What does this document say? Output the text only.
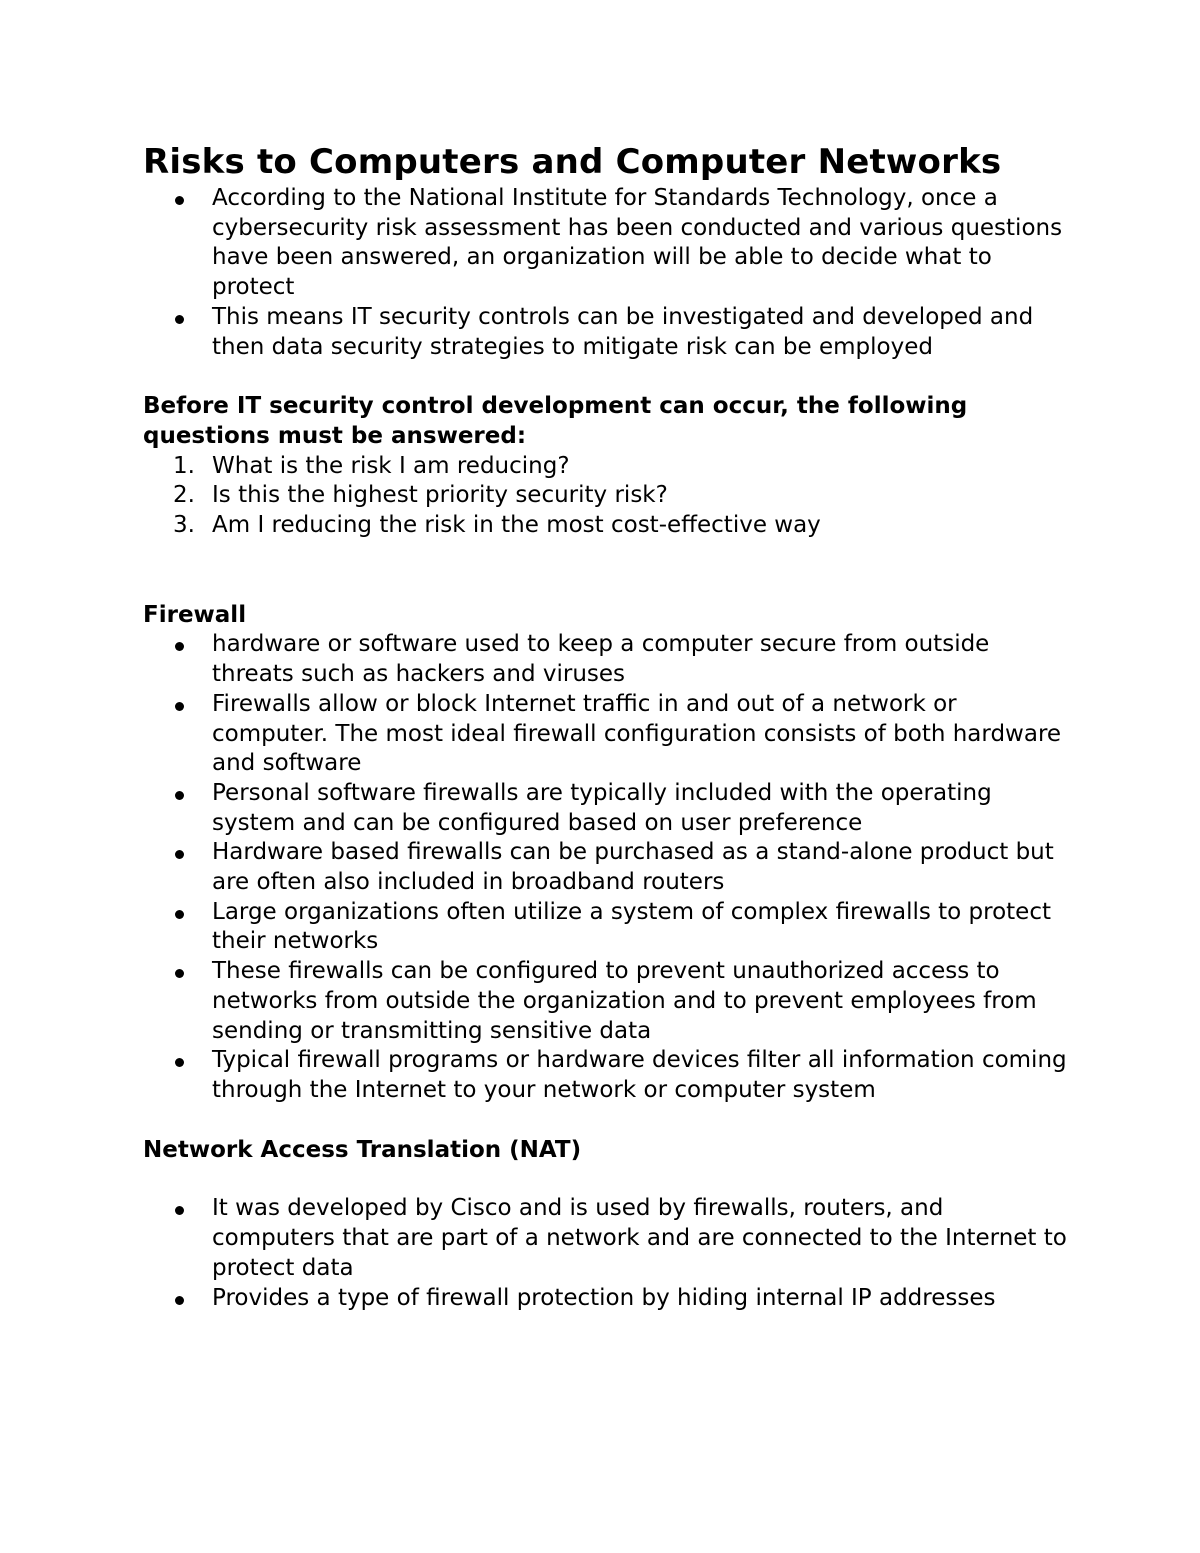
Risks to Computers and Computer Networks
According to the National Institute for Standards Technology, once a cybersecurity risk assessment has been conducted and various questions have been answered, an organization will be able to decide what to protect
This means IT security controls can be investigated and developed and then data security strategies to mitigate risk can be employed
Before IT security control development can occur, the following questions must be answered:
1. What is the risk I am reducing?
2. Is this the highest priority security risk?
3. Am I reducing the risk in the most cost-effective way
Firewall
hardware or software used to keep a computer secure from outside threats such as hackers and viruses
Firewalls allow or block Internet traffic in and out of a network or computer. The most ideal firewall configuration consists of both hardware and software
Personal software firewalls are typically included with the operating system and can be configured based on user preference
Hardware based firewalls can be purchased as a stand-alone product but are often also included in broadband routers
Large organizations often utilize a system of complex firewalls to protect their networks
These firewalls can be configured to prevent unauthorized access to networks from outside the organization and to prevent employees from sending or transmitting sensitive data
Typical firewall programs or hardware devices filter all information coming through the Internet to your network or computer system
Network Access Translation (NAT)
It was developed by Cisco and is used by firewalls, routers, and computers that are part of a network and are connected to the Internet to protect data
Provides a type of firewall protection by hiding internal IP addresses
